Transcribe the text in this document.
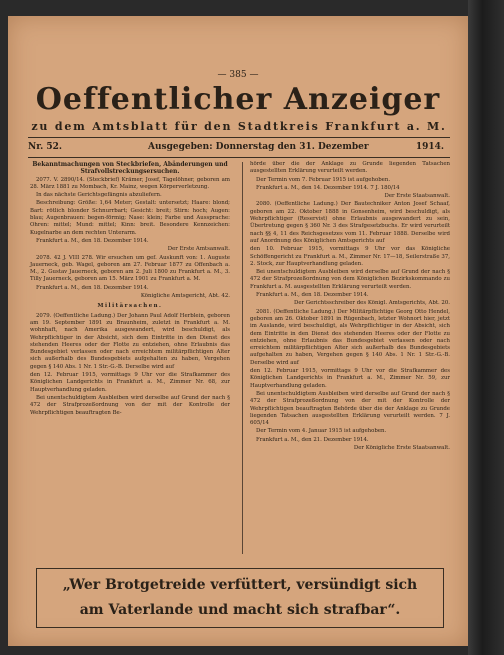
— 385 —
Oeffentlicher Anzeiger
zu dem Amtsblatt für den Stadtkreis Frankfurt a. M.
Nr. 52.	Ausgegeben: Donnerstag den 31. Dezember	1914.

Bekanntmachungen von Steckbriefen, Abänderungen und Strafvollstreckungsersuchen.

2077. V. 2890/14. (Steckbrief) Krämer, Josef, Tagelöhner, geboren am 28. März 1881 zu Mombach, Kr. Mainz, wegen Körperverletzung.

In das nächste Gerichtsgefängnis abzuliefern.

Beschreibung: Größe: 1,64 Meter; Gestalt: untersetzt; Haare: blond; Bart: rötlich blonder Schnurrbart; Gesicht: breit; Stirn: hoch; Augen: blau; Augenbrauen: begen-förmig; Nase: klein; Farbe und Aussprache: Ohren: mittel; Mund: mittel; Kinn: breit. Besondere Kennzeichen: Kugelnarbe an dem rechten Unterarm.

Frankfurt a. M., den 18. Dezember 1914.

Der Erste Amtsanwalt.

2078. 42 J. VIII 278. Wir ersuchen um gef. Auskunft von: 1. Auguste Jauerneck, geb. Wagel, geboren am 27. Februar 1877 zu Offenbach a. M., 2. Gustav Jauerneck, geboren am 2. Juli 1800 zu Frankfurt a. M., 3. Tilly Jauerneck, geboren am 15. März 1901 zu Frankfurt a. M.

Frankfurt a. M., den 18. Dezember 1914.

Königliche Amtsgericht, Abt. 42.

Militärsachen.

2079. (Oeffentliche Ladung.) Der Johann Paul Adolf Herblein, geboren am 19. September 1891 zu Braunheim, zuletzt in Frankfurt a. M. wohnhaft, nach Amerika ausgewandert, wird beschuldigt, als Wehrpflichtiger in der Absicht, sich dem Eintritte in den Dienst des stehenden Heeres oder der Flotte zu entziehen, ohne Erlaubnis das Bundesgebiet verlassen oder nach erreichtem militärpflichtigen Alter sich außerhalb des Bundesgebiets aufgehalten zu haben, Vergehen gegen § 140 Abs. 1 Nr. 1 Str.-G.-B. Derselbe wird auf

den 12. Februar 1915, vormittags 9 Uhr vor die Strafkammer des Königlichen Landgerichts in Frankfurt a. M., Zimmer Nr. 68, zur Hauptverhandlung geladen.

Bei unentschuldigtem Ausbleiben wird derselbe auf Grund der nach § 472 der Strafprozeßordnung von der mit der Kontrolle der Wehrpflichtigen beauftragten Be-

hörde über die der Anklage zu Grunde liegenden Tatsachen ausgestellten Erklärung verurteilt werden.

Der Termin vom 7. Februar 1915 ist aufgehoben.

Frankfurt a. M., den 14. Dezember 1914. 7 J. 180/14

Der Erste Staatsanwalt.

2080. (Oeffentliche Ladung.) Der Bautechniker Anton Josef Schaaf, geboren am 22. Oktober 1888 in Gonsenheim, wird beschuldigt, als Wehrpflichtiger (Reservist) ohne Erlaubnis ausgewandert zu sein, Übertretung gegen § 360 Nr. 3 des Strafgesetzbuchs. Er wird verurteilt nach §§ 4, 11 des Reichsgesetzes vom 11. Februar 1888. Derselbe wird auf Anordnung des Königlichen Amtsgerichts auf

den 10. Februar 1915, vormittags 9 Uhr vor das Königliche Schöffengericht zu Frankfurt a. M., Zimmer Nr. 17—18, Seilerstraße 37, 2. Stock, zur Hauptverhandlung geladen.

Bei unentschuldigtem Ausbleiben wird derselbe auf Grund der nach § 472 der Strafprozeßordnung von dem Königlichen Bezirkskommando zu Frankfurt a. M. ausgestellten Erklärung verurteilt werden.

Frankfurt a. M., den 18. Dezember 1914.

Der Gerichtsschreiber des Königl. Amtsgerichts, Abt. 20.

2081. (Oeffentliche Ladung.) Der Militärpflichtige Georg Otto Hendel, geboren am 26. Oktober 1891 in Rügenbach, letzter Wohnort hier, jetzt im Auslande, wird beschuldigt, als Wehrpflichtiger in der Absicht, sich dem Eintritte in den Dienst des stehenden Heeres oder der Flotte zu entziehen, ohne Erlaubnis das Bundesgebiet verlassen oder nach erreichtem militärpflichtigen Alter sich außerhalb des Bundesgebiets aufgehalten zu haben, Vergehen gegen § 140 Abs. 1 Nr. 1 Str.-G.-B. Derselbe wird auf

den 12. Februar 1915, vormittags 9 Uhr vor die Strafkammer des Königlichen Landgerichts in Frankfurt a. M., Zimmer Nr. 59, zur Hauptverhandlung geladen.

Bei unentschuldigtem Ausbleiben wird derselbe auf Grund der nach § 472 der Strafprozeßordnung von der mit der Kontrolle der Wehrpflichtigen beauftragten Behörde über die der Anklage zu Grunde liegenden Tatsachen ausgestellten Erklärung verurteilt werden. 7 J. 605/14

Der Termin vom 4. Januar 1915 ist aufgehoben.

Frankfurt a. M., den 21. Dezember 1914.

Der Königliche Erste Staatsanwalt.

„Wer Brotgetreide verfüttert, versündigt sich
am Vaterlande und macht sich strafbar“.
